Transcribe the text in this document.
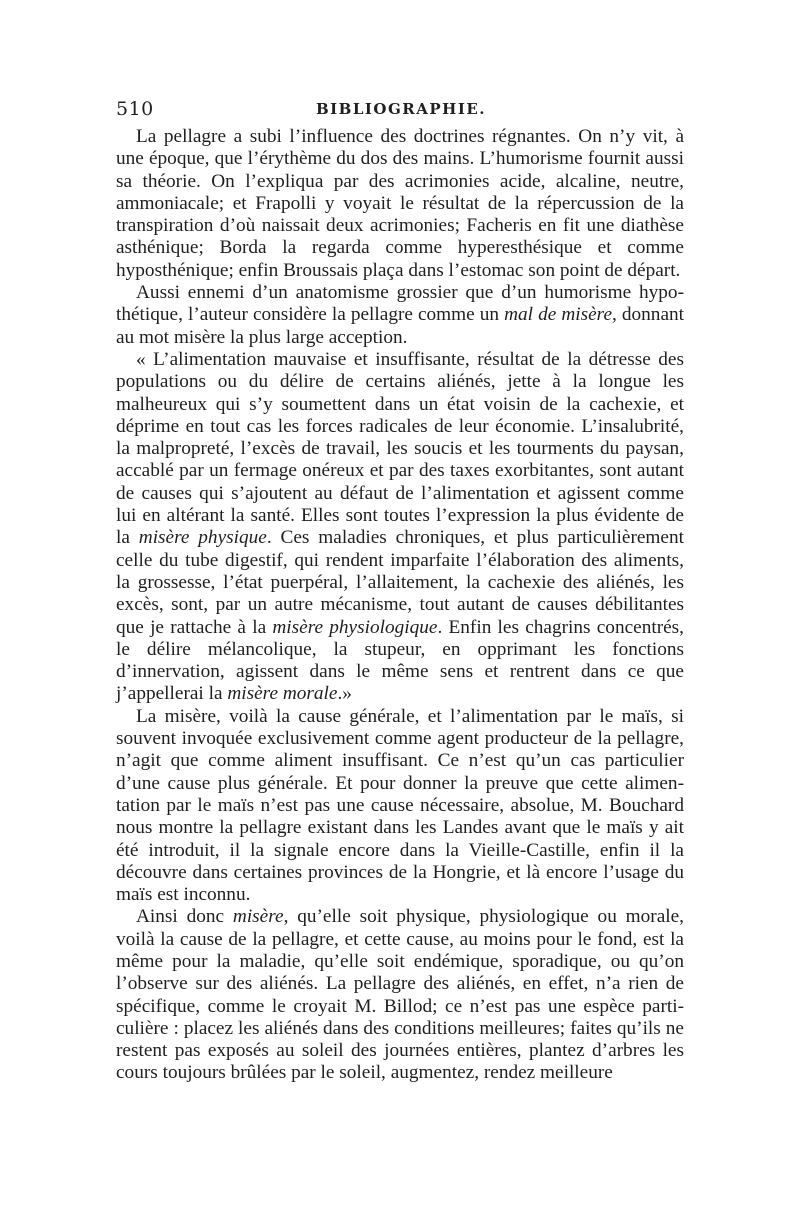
510	BIBLIOGRAPHIE.

La pellagre a subi l’influence des doctrines régnantes. On n’y vit, à une époque, que l’érythème du dos des mains. L’humorisme fournit aussi sa théorie. On l’expliqua par des acrimonies acide, alcaline, neutre, ammoniacale; et Frapolli y voyait le résultat de la répercussion de la transpiration d’où naissait deux acrimonies; Facheris en fit une diathèse asthénique; Borda la regarda comme hyperesthésique et comme hyposthénique; enfin Broussais plaça dans l’estomac son point de départ.

Aussi ennemi d’un anatomisme grossier que d’un humorisme hypothétique, l’auteur considère la pellagre comme un mal de misère, donnant au mot misère la plus large acception.

« L’alimentation mauvaise et insuffisante, résultat de la détresse des populations ou du délire de certains aliénés, jette à la longue les malheureux qui s’y soumettent dans un état voisin de la cachexie, et déprime en tout cas les forces radicales de leur économie. L’insalubrité, la malpropreté, l’excès de travail, les soucis et les tourments du paysan, accablé par un fermage onéreux et par des taxes exorbitantes, sont autant de causes qui s’ajoutent au défaut de l’alimentation et agissent comme lui en altérant la santé. Elles sont toutes l’expression la plus évidente de la misère physique. Ces maladies chroniques, et plus particulièrement celle du tube digestif, qui rendent imparfaite l’élaboration des aliments, la grossesse, l’état puerpéral, l’allaitement, la cachexie des aliénés, les excès, sont, par un autre mécanisme, tout autant de causes débilitantes que je rattache à la misère physiologique. Enfin les chagrins concentrés, le délire mélancolique, la stupeur, en opprimant les fonctions d’innervation, agissent dans le même sens et rentrent dans ce que j’appellerai la misère morale.»

La misère, voilà la cause générale, et l’alimentation par le maïs, si souvent invoquée exclusivement comme agent producteur de la pellagre, n’agit que comme aliment insuffisant. Ce n’est qu’un cas particulier d’une cause plus générale. Et pour donner la preuve que cette alimentation par le maïs n’est pas une cause nécessaire, absolue, M. Bouchard nous montre la pellagre existant dans les Landes avant que le maïs y ait été introduit, il la signale encore dans la Vieille-Castille, enfin il la découvre dans certaines provinces de la Hongrie, et là encore l’usage du maïs est inconnu.

Ainsi donc misère, qu’elle soit physique, physiologique ou morale, voilà la cause de la pellagre, et cette cause, au moins pour le fond, est la même pour la maladie, qu’elle soit endémique, sporadique, ou qu’on l’observe sur des aliénés. La pellagre des aliénés, en effet, n’a rien de spécifique, comme le croyait M. Billod; ce n’est pas une espèce particulière : placez les aliénés dans des conditions meilleures; faites qu’ils ne restent pas exposés au soleil des journées entières, plantez d’arbres les cours toujours brûlées par le soleil, augmentez, rendez meilleure
